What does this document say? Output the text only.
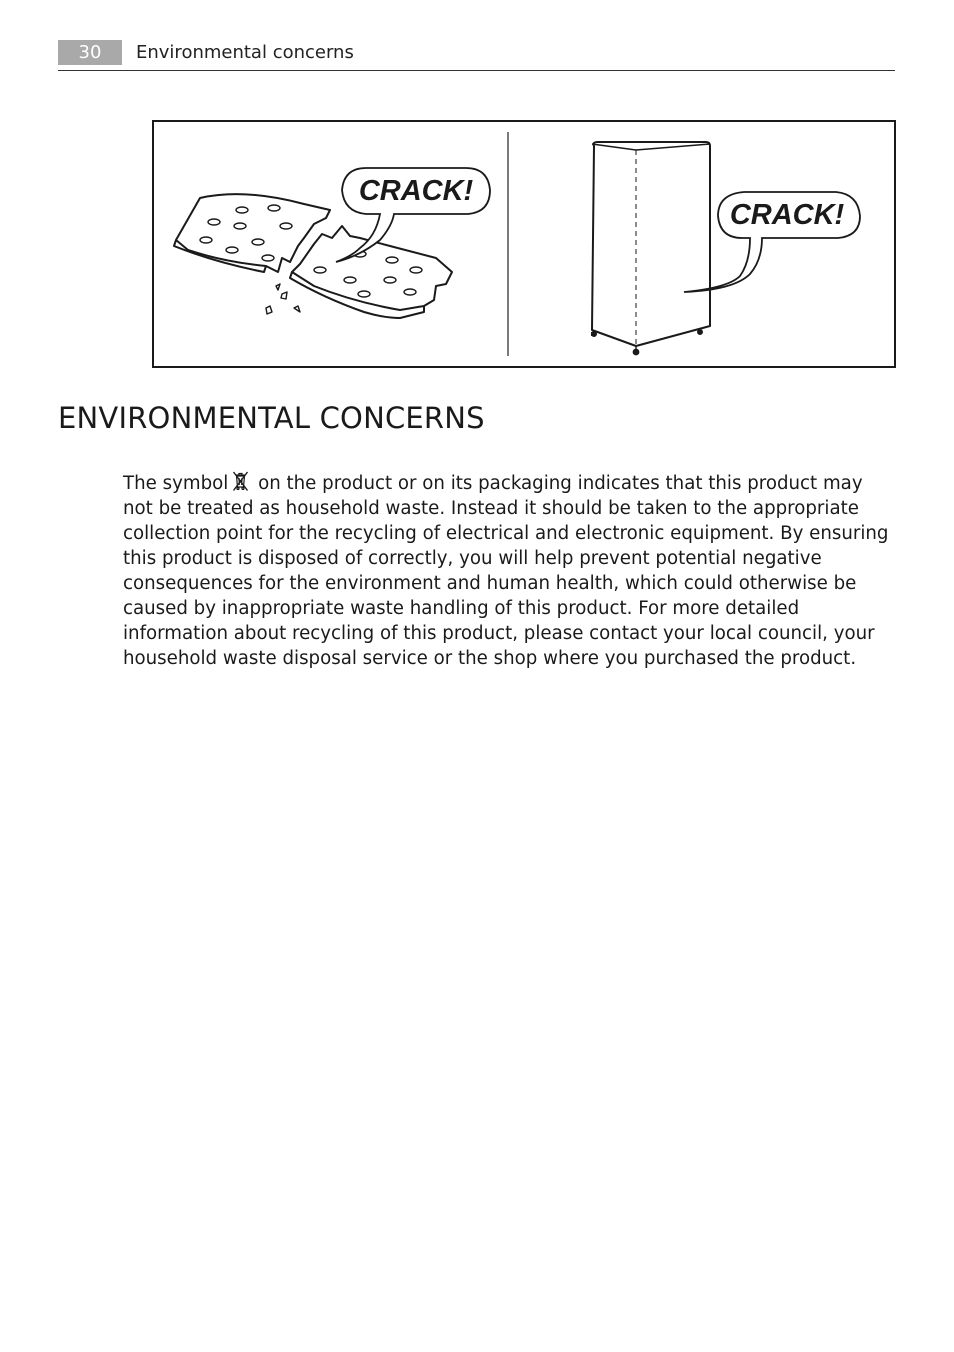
30	Environmental concerns
CRACK!
CRACK!
ENVIRONMENTAL CONCERNS

The symbol on the product or on its packaging indicates that this product may not be treated as household waste. Instead it should be taken to the appropriate collection point for the recycling of electrical and electronic equipment. By ensuring this product is disposed of correctly, you will help prevent potential negative consequences for the environment and human health, which could otherwise be caused by inappropriate waste handling of this product. For more detailed information about recycling of this product, please contact your local council, your household waste disposal service or the shop where you purchased the product.
